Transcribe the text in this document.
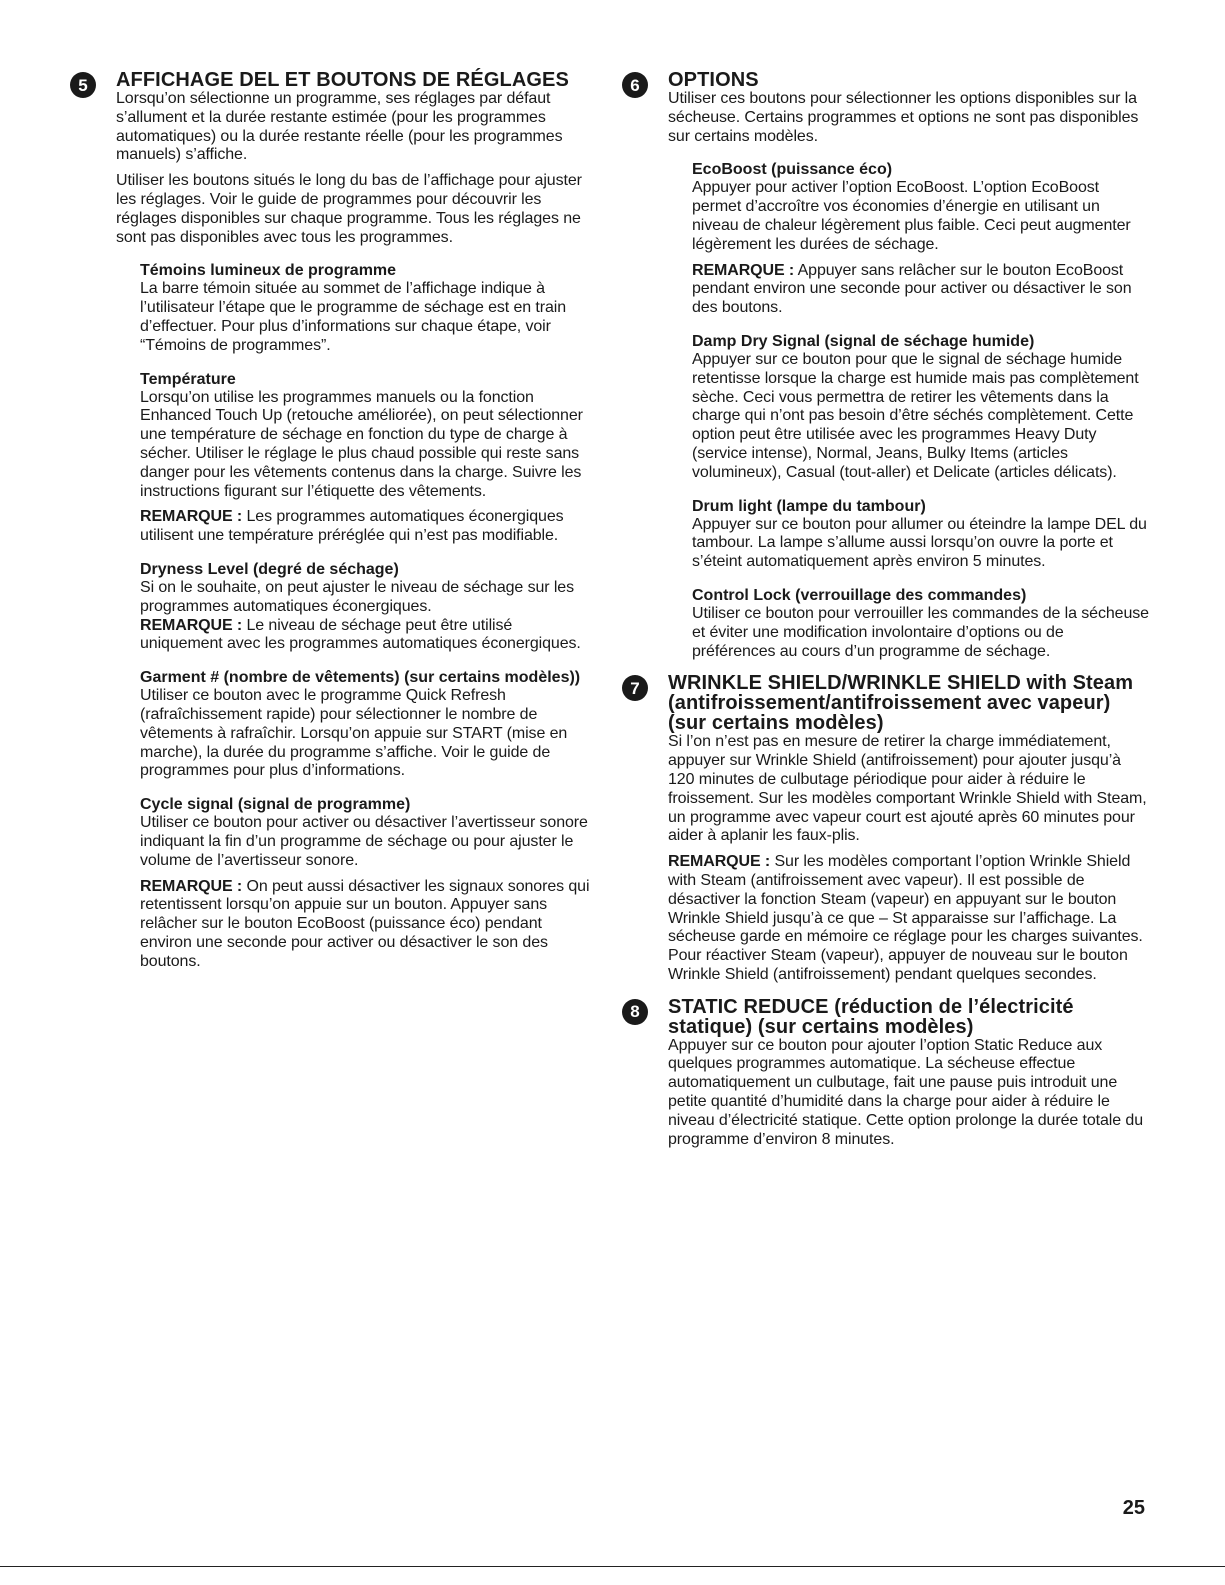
5	AFFICHAGE DEL ET BOUTONS DE RÉGLAGES

Lorsqu’on sélectionne un programme, ses réglages par défaut s’allument et la durée restante estimée (pour les programmes automatiques) ou la durée restante réelle (pour les programmes manuels) s’affiche.

Utiliser les boutons situés le long du bas de l’affichage pour ajuster les réglages. Voir le guide de programmes pour découvrir les réglages disponibles sur chaque programme. Tous les réglages ne sont pas disponibles avec tous les programmes.

Témoins lumineux de programme

La barre témoin située au sommet de l’affichage indique à l’utilisateur l’étape que le programme de séchage est en train d’effectuer. Pour plus d’informations sur chaque étape, voir “Témoins de programmes”.

Température

Lorsqu’on utilise les programmes manuels ou la fonction Enhanced Touch Up (retouche améliorée), on peut sélectionner une température de séchage en fonction du type de charge à sécher. Utiliser le réglage le plus chaud possible qui reste sans danger pour les vêtements contenus dans la charge. Suivre les instructions figurant sur l’étiquette des vêtements.

REMARQUE : Les programmes automatiques éconergiques utilisent une température préréglée qui n’est pas modifiable.

Dryness Level (degré de séchage)

Si on le souhaite, on peut ajuster le niveau de séchage sur les programmes automatiques éconergiques.

REMARQUE : Le niveau de séchage peut être utilisé uniquement avec les programmes automatiques éconergiques.

Garment # (nombre de vêtements) (sur certains modèles))

Utiliser ce bouton avec le programme Quick Refresh (rafraîchissement rapide) pour sélectionner le nombre de vêtements à rafraîchir. Lorsqu’on appuie sur START (mise en marche), la durée du programme s’affiche. Voir le guide de programmes pour plus d’informations.

Cycle signal (signal de programme)

Utiliser ce bouton pour activer ou désactiver l’avertisseur sonore indiquant la fin d’un programme de séchage ou pour ajuster le volume de l’avertisseur sonore.

REMARQUE : On peut aussi désactiver les signaux sonores qui retentissent lorsqu’on appuie sur un bouton. Appuyer sans relâcher sur le bouton EcoBoost (puissance éco) pendant environ une seconde pour activer ou désactiver le son des boutons.

6	OPTIONS

Utiliser ces boutons pour sélectionner les options disponibles sur la sécheuse. Certains programmes et options ne sont pas disponibles sur certains modèles.

EcoBoost (puissance éco)

Appuyer pour activer l’option EcoBoost. L’option EcoBoost permet d’accroître vos économies d’énergie en utilisant un niveau de chaleur légèrement plus faible. Ceci peut augmenter légèrement les durées de séchage.

REMARQUE : Appuyer sans relâcher sur le bouton EcoBoost pendant environ une seconde pour activer ou désactiver le son des boutons.

Damp Dry Signal (signal de séchage humide)

Appuyer sur ce bouton pour que le signal de séchage humide retentisse lorsque la charge est humide mais pas complètement sèche. Ceci vous permettra de retirer les vêtements dans la charge qui n’ont pas besoin d’être séchés complètement. Cette option peut être utilisée avec les programmes Heavy Duty (service intense), Normal, Jeans, Bulky Items (articles volumineux), Casual (tout-aller) et Delicate (articles délicats).

Drum light (lampe du tambour)

Appuyer sur ce bouton pour allumer ou éteindre la lampe DEL du tambour. La lampe s’allume aussi lorsqu’on ouvre la porte et s’éteint automatiquement après environ 5 minutes.

Control Lock (verrouillage des commandes)

Utiliser ce bouton pour verrouiller les commandes de la sécheuse et éviter une modification involontaire d’options ou de préférences au cours d’un programme de séchage.

7	WRINKLE SHIELD/WRINKLE SHIELD with Steam (antifroissement/antifroissement avec vapeur) (sur certains modèles)

Si l’on n’est pas en mesure de retirer la charge immédiatement, appuyer sur Wrinkle Shield (antifroissement) pour ajouter jusqu’à 120 minutes de culbutage périodique pour aider à réduire le froissement. Sur les modèles comportant Wrinkle Shield with Steam, un programme avec vapeur court est ajouté après 60 minutes pour aider à aplanir les faux-plis.

REMARQUE : Sur les modèles comportant l’option Wrinkle Shield with Steam (antifroissement avec vapeur). Il est possible de désactiver la fonction Steam (vapeur) en appuyant sur le bouton Wrinkle Shield jusqu’à ce que – St apparaisse sur l’affichage. La sécheuse garde en mémoire ce réglage pour les charges suivantes. Pour réactiver Steam (vapeur), appuyer de nouveau sur le bouton Wrinkle Shield (antifroissement) pendant quelques secondes.

8	STATIC REDUCE (réduction de l’électricité statique) (sur certains modèles)

Appuyer sur ce bouton pour ajouter l’option Static Reduce aux quelques programmes automatique. La sécheuse effectue automatiquement un culbutage, fait une pause puis introduit une petite quantité d’humidité dans la charge pour aider à réduire le niveau d’électricité statique. Cette option prolonge la durée totale du programme d’environ 8 minutes.

25
